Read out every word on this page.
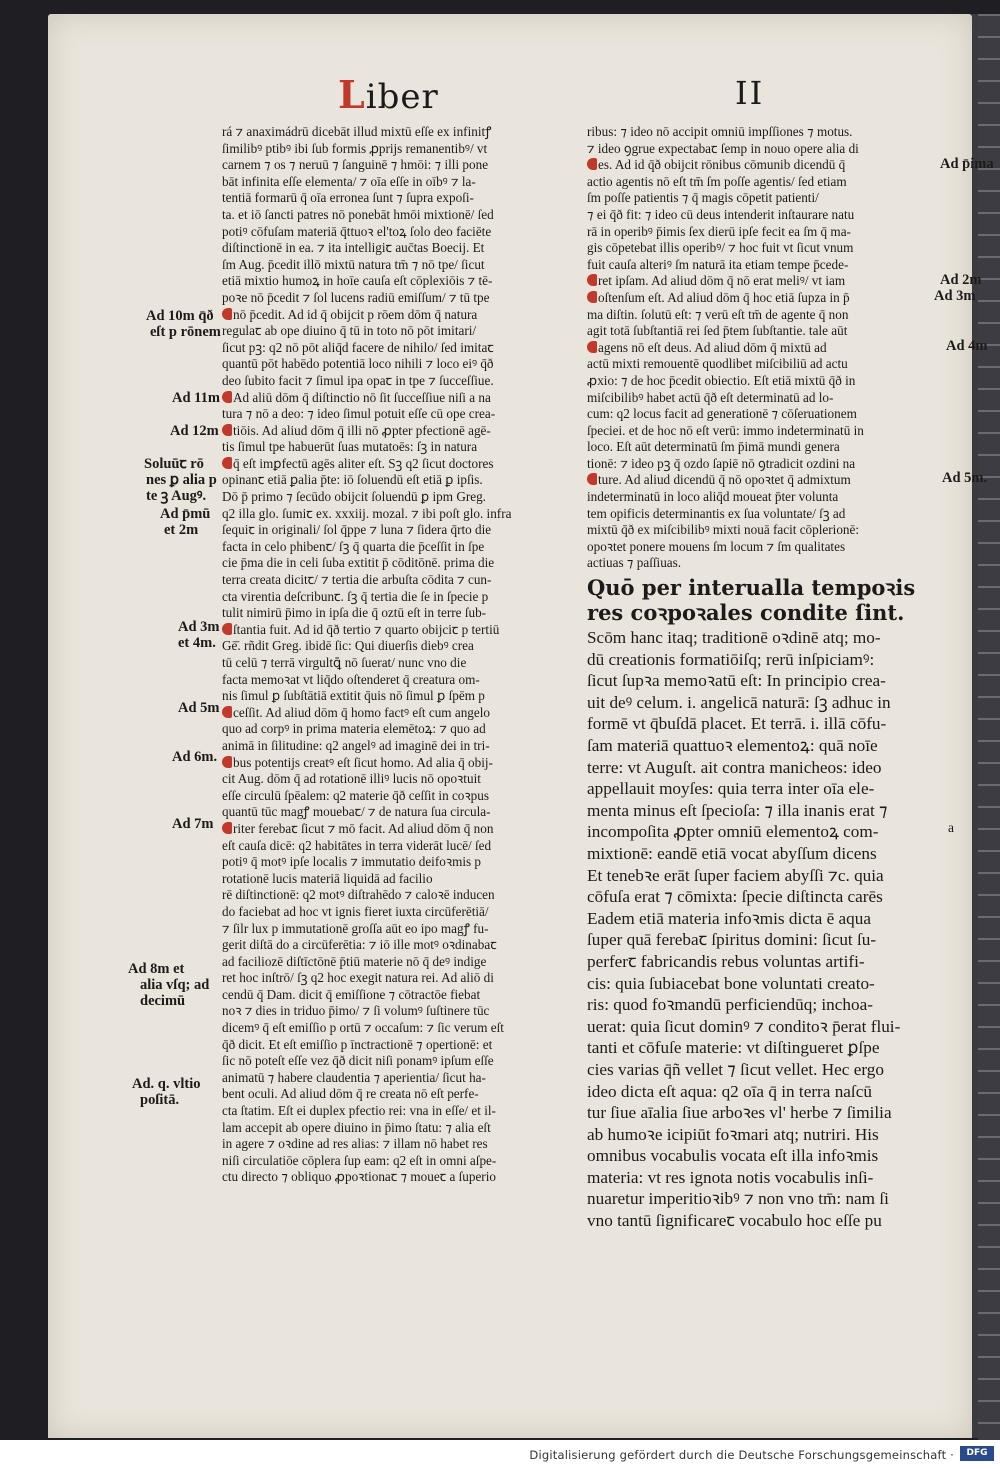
Liber	II
rá ⁊ anaximádrū dicebāt illud mixtū eſſe ex infinitꝭ
ſimilibꝰ ptibꝰ ibi ſub formis ꝓprijs remanentibꝰ/ vt
carnem ⁊ os ⁊ neruū ⁊ ſanguinē ⁊ hmōi: ⁊ illi pone
bāt infinita eſſe elementa/ ⁊ oīa eſſe in oībꝰ ⁊ la-
tentiā formarū q̄ oīa erronea ſunt ⁊ ſupra expoſi-
ta. et iō ſancti patres nō ponebāt hmōi mixtionē/ ſed
potiꝰ cōfuſam materiā q̄ttuoꝛ el'toꝝ ſolo deo faciēte
diſtinctionē in ea. ⁊ ita intelligiꞇ auc̄tas Boecij. Et
ſm Aug. p̄cedit illō mixtū natura tm̄ ⁊ nō tpe/ ſicut
etiā mixtio humoꝝ in hoīe cauſa eſt cōplexiōis ⁊ tē-
poꝛe nō p̄cedit ⁊ ſol lucens radiū emiſſum/ ⁊ tū tpe
nō p̄cedit. Ad id q̄ obijcit p rōem dōm q̄ natura
regulaꞇ ab ope diuino q̄ tū in toto nō pōt imitari/
ſicut pꝫ: q2 nō pōt aliq̄d facere de nihilo/ ſed imitaꞇ
quantū pōt habēdo potentiā loco nihili ⁊ loco eiꝰ q̄ð
deo ſubito facit ⁊ ſimul ipa opaꞇ in tpe ⁊ ſucceſſiue.
Ad aliū dōm q̄ diſtinctio nō ſit ſucceſſiue niſi a na
tura ⁊ nō a deo: ⁊ ideo ſimul potuit eſſe cū ope crea-
tiōis. Ad aliud dōm q̄ illi nō ꝓpter pfectionē agē-
tis ſimul tpe habuerūt ſuas mutatoēs: ſꝫ in natura
q̄ eſt imꝑfectū agēs aliter eſt. Sꝫ q2 ſicut doctores
opinanꞇ etiā ꝑalia p̄te: iō ſoluendū eſt etiā ꝑ ipſis.
Dō p̄ primo ⁊ ſecūdo obijcit ſoluendū ꝑ ipm Greg.
q2 illa glo. ſumiꞇ ex. xxxiij. mozal. ⁊ ibi poſt glo. infra
ſequiꞇ in originali/ ſol q̄ppe ⁊ luna ⁊ ſidera q̄rto die
facta in celo phibenꞇ/ ſꝫ q̄ quarta die p̄ceſſit in ſpe
cie p̄ma die in celi ſuba extitit p̄ cōditōnē. prima die
terra creata dicitꞇ/ ⁊ tertia die arbuſta cōdita ⁊ cun-
cta virentia deſcribunꞇ. ſꝫ q̄ tertia die ſe in ſpecie p
tulit nimirū p̄imo in ipſa die q̄ oztū eſt in terre ſub-
ſtantia fuit. Ad id q̄ð tertio ⁊ quarto obijciꞇ p tertiū
Gē̄. rñdit Greg. ibidē ſic: Qui diuerſis diebꝰ crea
tū celū ⁊ terrā virgultꝗ̄ nō ſuerat/ nunc vno die
facta memoꝛat vt liq̄do oſtenderet q̄ creatura om-
nis ſimul ꝑ ſubſtātiā extitit q̄uis nō ſimul ꝑ ſpēm p
ceſſit. Ad aliud dōm q̄ homo factꝰ eſt cum angelo
quo ad corpꝰ in prima materia elemētoꝝ: ⁊ quo ad
animā in ſilitudine: q2 angelꝰ ad imaginē dei in tri-
bus potentijs creatꝰ eſt ſicut homo. Ad alia q̄ obij-
cit Aug. dōm q̄ ad rotationē illiꝰ lucis nō opoꝛtuit
eſſe circulū ſpēalem: q2 materie q̄ð ceſſit in coꝛpus
quantū tūc magꝭ mouebaꞇ/ ⁊ de natura ſua circula-
riter ferebaꞇ ſicut ⁊ mō facit. Ad aliud dōm q̄ non
eſt cauſa dicē: q2 habitātes in terra viderāt lucē/ ſed
potiꝰ q̄ motꝰ ipſe localis ⁊ immutatio deifoꝛmis p
rotationē lucis materiā liquidā ad facilio
rē diſtinctionē: q2 motꝰ diſtrahēdo ⁊ caloꝛē inducen
do faciebat ad hoc vt ignis fieret iuxta circūferētiā/
⁊ ſilr lux p immutationē groſſa aūt eo ipo magꝭ fu-
gerit diſtā do a circūferētia: ⁊ iō ille motꝰ oꝛdinabaꞇ
ad faciliozē diſtīctōnē p̄tiū materie nō q̄ deꝰ indige
ret hoc inſtrō/ ſꝫ q2 hoc exegit natura rei. Ad aliō di
cendū q̄ Dam. dicit q̄ emiſſione ⁊ cōtractōe fiebat
noꝛ ⁊ dies in triduo p̄imo/ ⁊ ſi volumꝰ ſuſtinere tūc
dicemꝰ q̄ eſt emiſſio p ortū ⁊ occaſum: ⁊ ſic verum eſt
q̄ð dicit. Et eſt emiſſio p īnctractionē ⁊ opertionē: et
ſic nō poteſt eſſe vez q̄ð dicit niſi ponamꝰ ipſum eſſe
animatū ⁊ habere claudentia ⁊ aperientia/ ſicut ha-
bent oculi. Ad aliud dōm q̄ re creata nō eſt perfe-
cta ſtatim. Eſt ei duplex pfectio rei: vna in eſſe/ et il-
lam accepit ab opere diuino in p̄imo ſtatu: ⁊ alia eſt
in agere ⁊ oꝛdine ad res alias: ⁊ illam nō habet res
niſi circulatiōe cōplera ſup eam: q2 eſt in omni aſpe-
ctu directo ⁊ obliquo ꝓpoꝛtionaꞇ ⁊ moueꞇ a ſuperio
ribus: ⁊ ideo nō accipit omniū impſſiones ⁊ motus.
⁊ ideo ꝯgrue expectabaꞇ ſemp in nouo opere alia di
es. Ad id q̄ð obijcit rōnibus cōmunib dicendū q̄
actio agentis nō eſt tm̄ ſm poſſe agentis/ ſed etiam
ſm poſſe patientis ⁊ q̄ magis cōpetit patienti/
⁊ ei q̄ð fit: ⁊ ideo cū deus intenderit inſtaurare natu
rā in operibꝰ p̄imis ſex dierū ipſe fecit ea ſm q̄ ma-
gis cōpetebat illis operibꝰ/ ⁊ hoc fuit vt ſicut vnum
fuit cauſa alteriꝰ ſm naturā ita etiam tempe p̄cede-
ret ipſam. Ad aliud dōm q̄ nō erat meliꝰ/ vt iam
oſtenſum eſt. Ad aliud dōm q̄ hoc etiā ſupza in p̄
ma diſtin. ſolutū eſt: ⁊ verū eſt tm̄ de agente q̄ non
agit totā ſubſtantiā rei ſed p̄tem ſubſtantie. tale aūt
agens nō eſt deus. Ad aliud dōm q̄ mixtū ad
actū mixti remouentē quodlibet miſcibiliū ad actu
ꝓxio: ⁊ de hoc p̄cedit obiectio. Eſt etiā mixtū q̄ð in
miſcibilibꝰ habet actū q̄ð eſt determinatū ad lo-
cum: q2 locus facit ad generationē ⁊ cōſeruationem
ſpeciei. et de hoc nō eſt verū: immo indeterminatū in
loco. Eſt aūt determinatū ſm p̄imā mundi genera
tionē: ⁊ ideo pꝫ q̄ ozdo ſapiē nō ꝯtradicit ozdini na
ture. Ad aliud dicendū q̄ nō opoꝛtet q̄ admixtum
indeterminatū in loco aliq̄d moueat p̄ter volunta
tem opificis determinantis ex ſua voluntate/ ſꝫ ad
mixtū q̄ð ex miſcibilibꝰ mixti nouā facit cōplerionē:
opoꝛtet ponere mouens ſm locum ⁊ ſm qualitates
actiuas ⁊ paſſiuas.
Quō per interualla tempoꝛis res coꝛpoꝛales condite ſint.
Scōm hanc itaq; traditionē oꝛdinē atq; mo-
dū creationis formatiōiſq; rerū inſpiciamꝰ:
ſicut ſupꝛa memoꝛatū eſt: In principio crea-
uit deꝰ celum. i. angelicā naturā: ſꝫ adhuc in
formē vt q̄buſdā placet. Et terrā. i. illā cōfu-
ſam materiā quattuoꝛ elementoꝝ: quā noīe
terre: vt Auguſt. ait contra manicheos: ideo
appellauit moyſes: quia terra inter oīa ele-
menta minus eſt ſpecioſa: ⁊ illa inanis erat ⁊
incompoſita ꝓpter omniū elementoꝝ com-
mixtionē: eandē etiā vocat abyſſum dicens
Et tenebꝛe erāt ſuper faciem abyſſi ⁊c. quia
cōfuſa erat ⁊ cōmixta: ſpecie diſtincta carēs
Eadem etiā materia infoꝛmis dicta ē aqua
ſuper quā ferebaꞇ ſpiritus domini: ſicut ſu-
perferꞇ fabricandis rebus voluntas artifi-
cis: quia ſubiacebat bone voluntati creato-
ris: quod foꝛmandū perficiendūq; inchoa-
uerat: quia ſicut dominꝰ ⁊ conditoꝛ p̄erat flui-
tanti et cōfuſe materie: vt diſtingueret ꝑſpe
cies varias q̄ñ vellet ⁊ ſicut vellet. Hec ergo
ideo dicta eſt aqua: q2 oīa q̄ in terra naſcū
tur ſiue aīalia ſiue arboꝛes vl' herbe ⁊ ſimilia
ab humoꝛe icipiūt foꝛmari atq; nutriri. His
omnibus vocabulis vocata eſt illa infoꝛmis
materia: vt res ignota notis vocabulis inſi-
nuaretur imperitioꝛibꝰ ⁊ non vno tm̄: nam ſi
vno tantū ſignificareꞇ vocabulo hoc eſſe pu
Ad 10m q̄ð
eſt p rōnem
Ad 11m
Ad 12m
Soluūꞇ rō
nes ꝑ alia p
te ꝫ Augꝰ.
Ad p̄mū
et 2m
Ad 3m
et 4m.
Ad 5m
Ad 6m.
Ad 7m
Ad 8m et
alia vſq; ad
decimū
Ad. q. vltio
poſitā.
Ad p̄ima
Ad 2m
Ad 3m
Ad 4m
Ad 5m.
a
Digitalisierung gefördert durch die Deutsche Forschungsgemeinschaft ·	DFG
